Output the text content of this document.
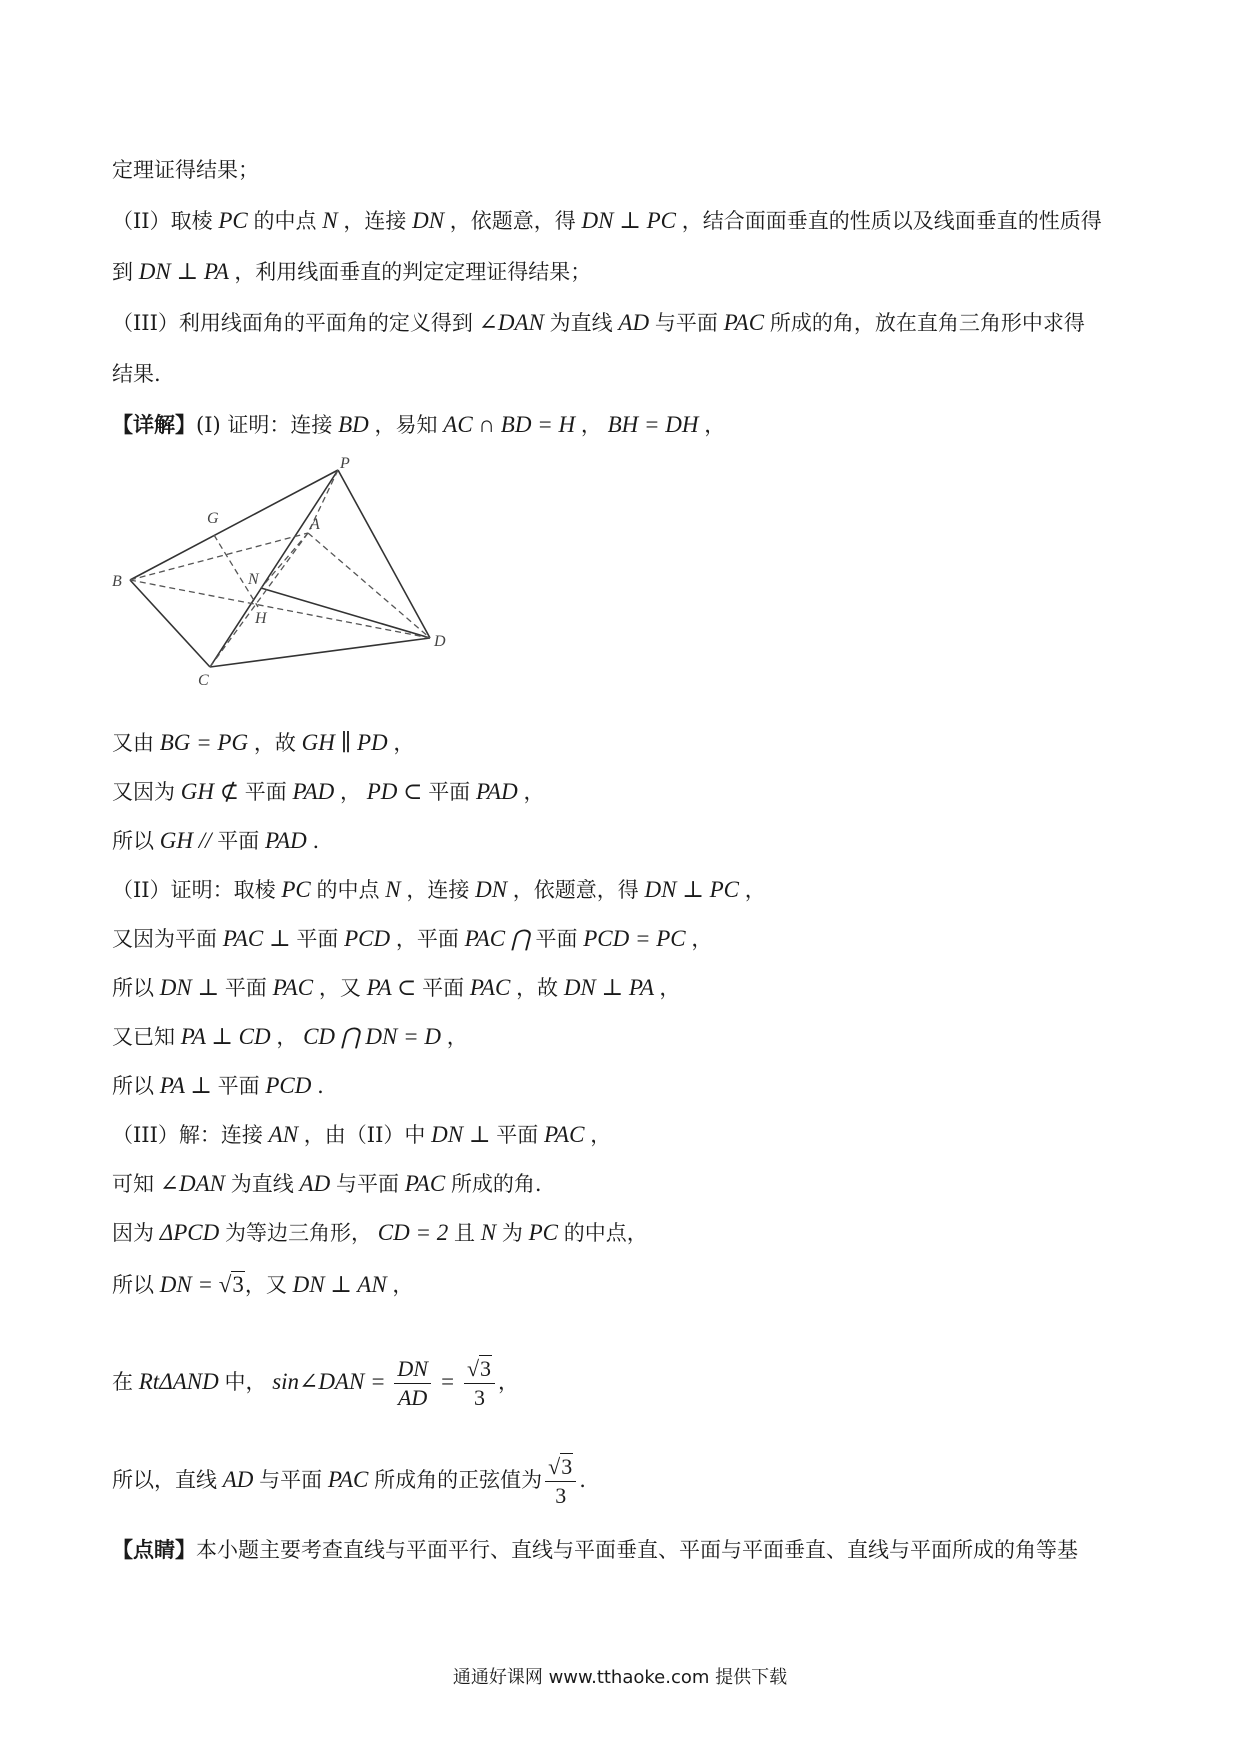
定理证得结果；
（II）取棱 PC 的中点 N ，连接 DN ，依题意，得 DN ⊥ PC ，结合面面垂直的性质以及线面垂直的性质得
到 DN ⊥ PA ，利用线面垂直的判定定理证得结果；
（III）利用线面角的平面角的定义得到 ∠DAN 为直线 AD 与平面 PAC 所成的角，放在直角三角形中求得
结果.
【详解】(I) 证明：连接 BD ，易知 AC ∩ BD = H ， BH = DH ，
又由 BG = PG ，故 GH ∥ PD ，
又因为 GH ⊄ 平面 PAD ， PD ⊂ 平面 PAD ，
所以 GH // 平面 PAD .
（II）证明：取棱 PC 的中点 N ，连接 DN ，依题意，得 DN ⊥ PC ，
又因为平面 PAC ⊥ 平面 PCD ，平面 PAC ⋂ 平面 PCD = PC ，
所以 DN ⊥ 平面 PAC ，又 PA ⊂ 平面 PAC ，故 DN ⊥ PA ，
又已知 PA ⊥ CD ， CD ⋂ DN = D ，
所以 PA ⊥ 平面 PCD .
（III）解：连接 AN ，由（II）中 DN ⊥ 平面 PAC ，
可知 ∠DAN 为直线 AD 与平面 PAC 所成的角.
因为 ΔPCD 为等边三角形， CD = 2 且 N 为 PC 的中点，
所以 DN = √3，又 DN ⊥ AN ，
在 RtΔAND 中， sin∠DAN = $\frac{DN}{AD} = \frac{√3}{3}$ ，
所以，直线 AD 与平面 PAC 所成角的正弦值为 $\frac{√3}{3}$ .
【点睛】本小题主要考查直线与平面平行、直线与平面垂直、平面与平面垂直、直线与平面所成的角等基
P
G	A
B	N
H
D
C
通通好课网 www.tthaoke.com 提供下载
